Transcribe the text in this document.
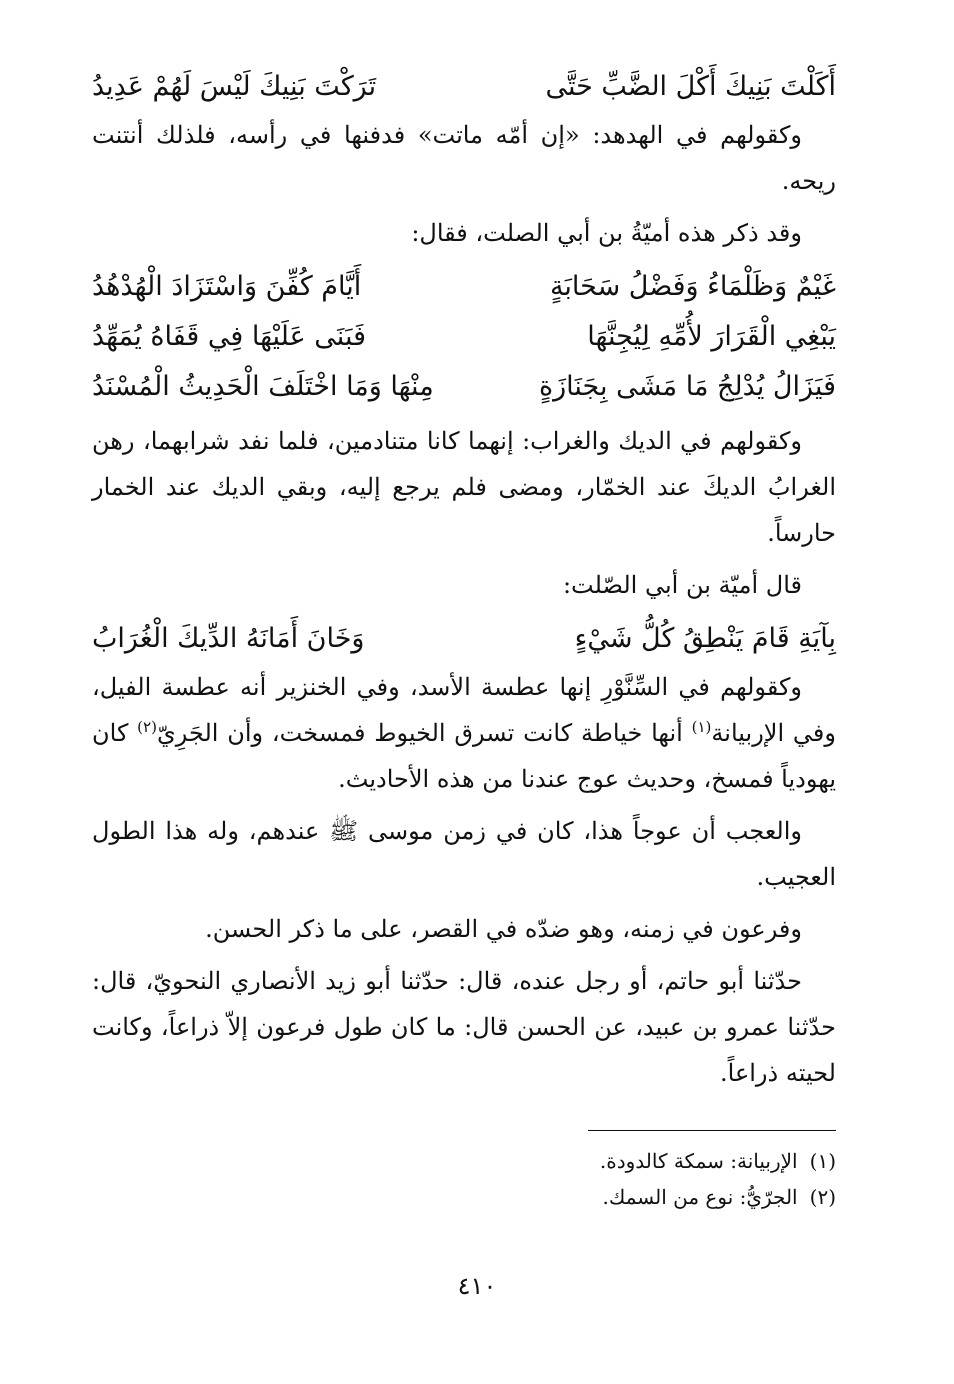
أَكَلْتَ بَنِيكَ أَكْلَ الضَّبِّ حَتَّى
تَرَكْتَ بَنِيكَ لَيْسَ لَهُمْ عَدِيدُ

وكقولهم في الهدهد: «إن أمّه ماتت» فدفنها في رأسه، فلذلك أنتنت ريحه.

وقد ذكر هذه أميّةُ بن أبي الصلت، فقال:

غَيْمٌ وَظَلْمَاءُ وَفَضْلُ سَحَابَةٍ
أَيَّامَ كُفِّنَ وَاسْتَزَادَ الْهُدْهُدُ
يَبْغِي الْقَرَارَ لأُمِّهِ لِيُجِنَّهَا
فَبَنَى عَلَيْهَا فِي قَفَاهُ يُمَهِّدُ
فَيَزَالُ يُدْلِجُ مَا مَشَى بِجَنَازَةٍ
مِنْهَا وَمَا اخْتَلَفَ الْحَدِيثُ الْمُسْنَدُ

وكقولهم في الديك والغراب: إنهما كانا متنادمين، فلما نفد شرابهما، رهن الغرابُ الديكَ عند الخمّار، ومضى فلم يرجع إليه، وبقي الديك عند الخمار حارساً.

قال أميّة بن أبي الصّلت:

بِآيَةِ قَامَ يَنْطِقُ كُلُّ شَيْءٍ
وَخَانَ أَمَانَهُ الدِّيكَ الْغُرَابُ

وكقولهم في السِّنَّوْرِ إنها عطسة الأسد، وفي الخنزير أنه عطسة الفيل، وفي الإربيانة$^{(١)}$ أنها خياطة كانت تسرق الخيوط فمسخت، وأن الجَرِيّ$^{(٢)}$ كان يهودياً فمسخ، وحديث عوج عندنا من هذه الأحاديث.

والعجب أن عوجاً هذا، كان في زمن موسى ﷺ عندهم، وله هذا الطول العجيب.

وفرعون في زمنه، وهو ضدّه في القصر، على ما ذكر الحسن.

حدّثنا أبو حاتم، أو رجل عنده، قال: حدّثنا أبو زيد الأنصاري النحويّ، قال: حدّثنا عمرو بن عبيد، عن الحسن قال: ما كان طول فرعون إلاّ ذراعاً، وكانت لحيته ذراعاً.

(١)الإربيانة: سمكة كالدودة.
(٢)الجرّيُّ: نوع من السمك.
٤١٠
